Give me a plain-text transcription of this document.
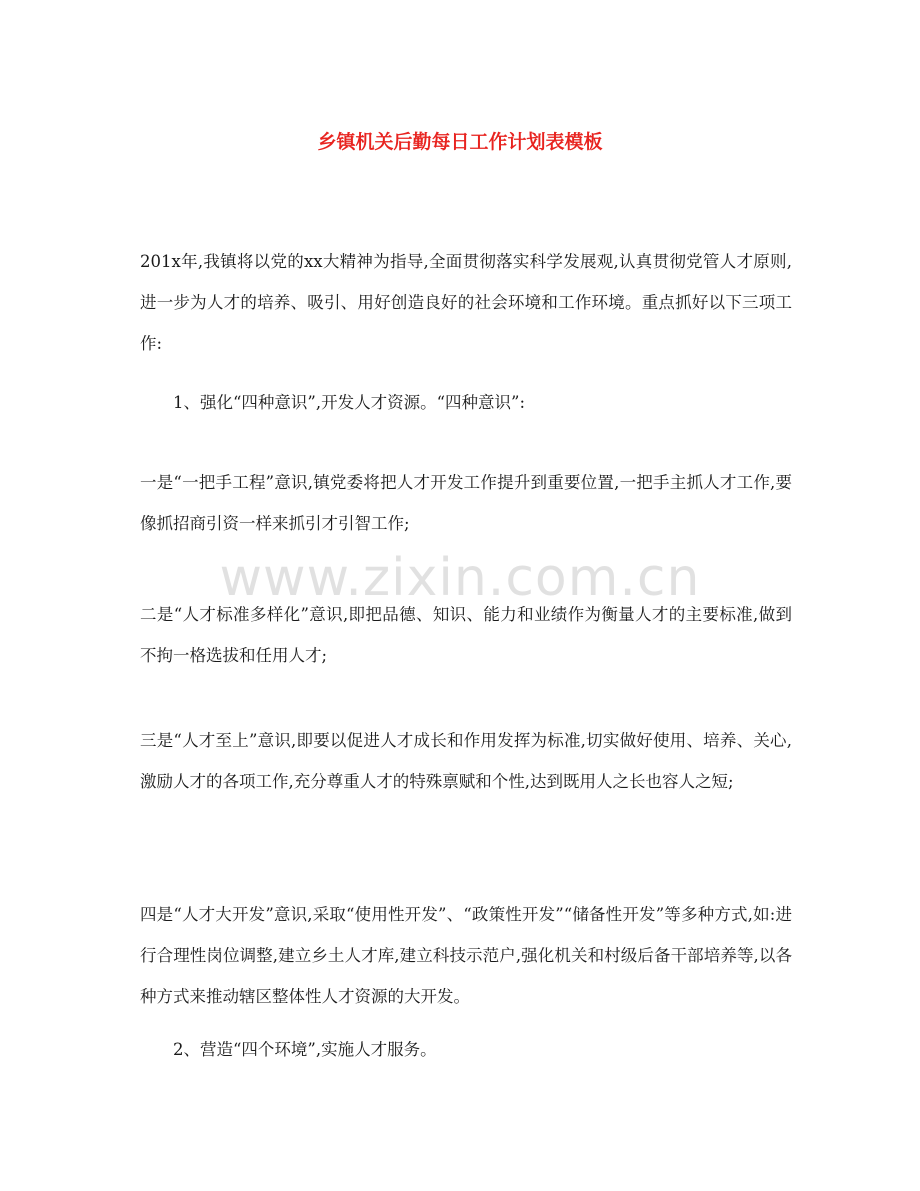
乡镇机关后勤每日工作计划表模板

201x年,我镇将以党的xx大精神为指导,全面贯彻落实科学发展观,认真贯彻党管人才原则,进一步为人才的培养、吸引、用好创造良好的社会环境和工作环境。重点抓好以下三项工作:

1、强化“四种意识”,开发人才资源。“四种意识”:

一是“一把手工程”意识,镇党委将把人才开发工作提升到重要位置,一把手主抓人才工作,要像抓招商引资一样来抓引才引智工作;

二是“人才标准多样化”意识,即把品德、知识、能力和业绩作为衡量人才的主要标准,做到不拘一格选拔和任用人才;

三是“人才至上”意识,即要以促进人才成长和作用发挥为标准,切实做好使用、培养、关心,激励人才的各项工作,充分尊重人才的特殊禀赋和个性,达到既用人之长也容人之短;

四是“人才大开发”意识,采取“使用性开发”、“政策性开发”“储备性开发”等多种方式,如:进行合理性岗位调整,建立乡土人才库,建立科技示范户,强化机关和村级后备干部培养等,以各种方式来推动辖区整体性人才资源的大开发。

2、营造“四个环境”,实施人才服务。

www.zixin.com.cn
